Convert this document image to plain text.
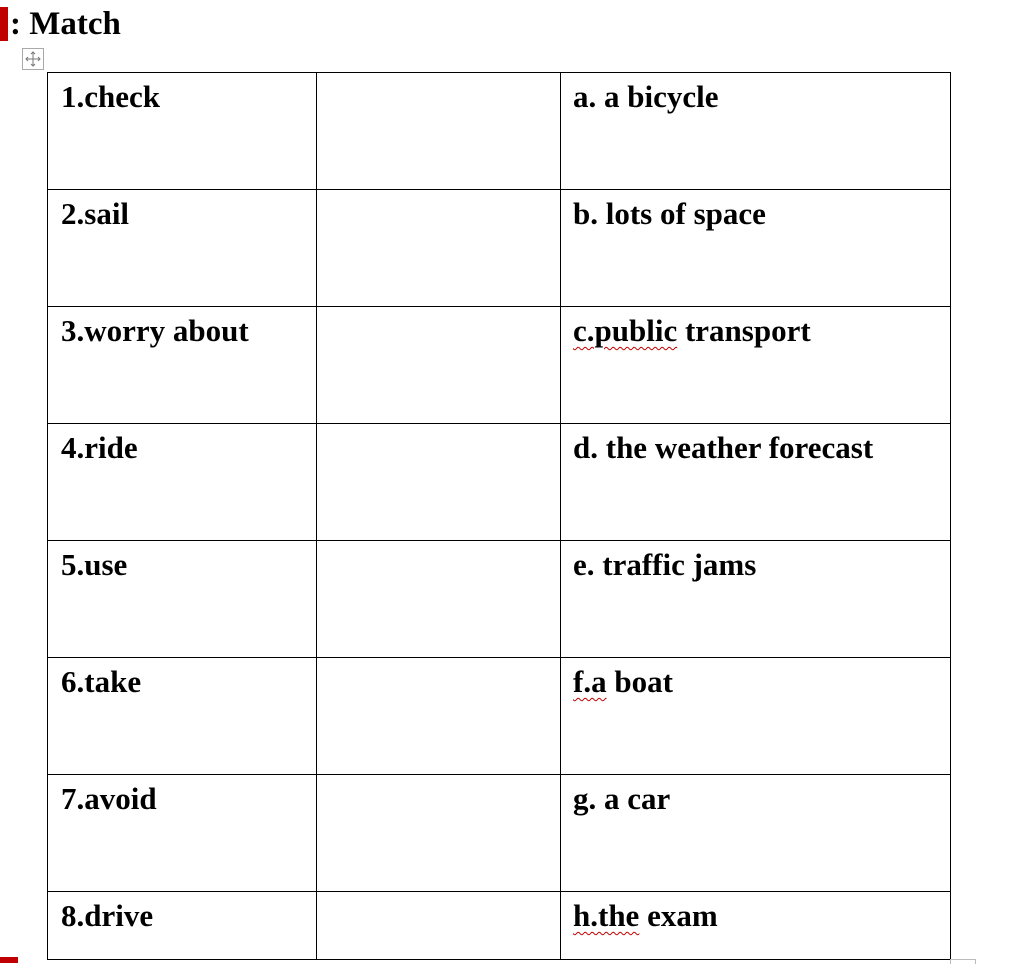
: Match
1.check		a. a bicycle
2.sail		b. lots of space
3.worry about		c.public transport
4.ride		d. the weather forecast
5.use		e. traffic jams
6.take		f.a boat
7.avoid		g. a car
8.drive		h.the exam
